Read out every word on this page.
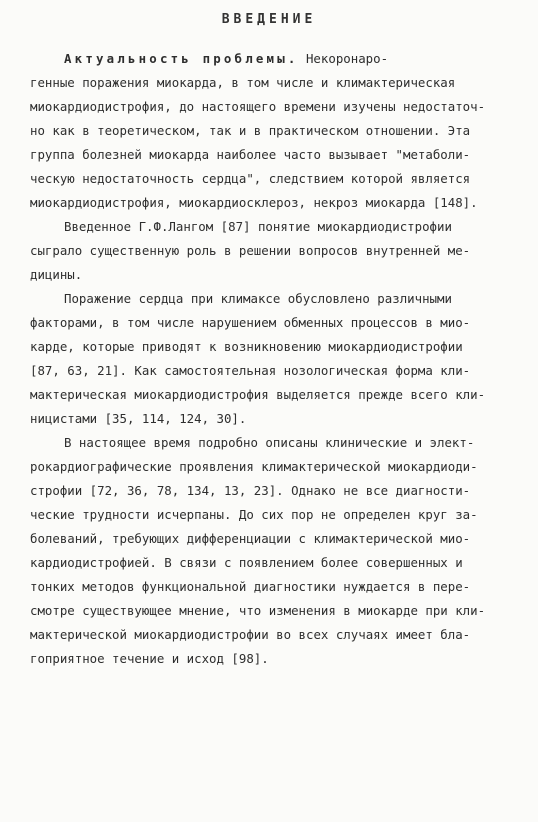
ВВЕДЕНИЕ
Актуальность проблемы. Некоронаро-
генные поражения миокарда, в том числе и климактерическая
миокардиодистрофия, до настоящего времени изучены недостаточ-
но как в теоретическом, так и в практическом отношении. Эта
группа болезней миокарда наиболее часто вызывает "метаболи-
ческую недостаточность сердца", следствием которой является
миокардиодистрофия, миокардиосклероз, некроз миокарда [148].
Введенное Г.Ф.Лангом [87] понятие миокардиодистрофии
сыграло существенную роль в решении вопросов внутренней ме-
дицины.
Поражение сердца при климаксе обусловлено различными
факторами, в том числе нарушением обменных процессов в мио-
карде, которые приводят к возникновению миокардиодистрофии
[87, 63, 21]. Как самостоятельная нозологическая форма кли-
мактерическая миокардиодистрофия выделяется прежде всего кли-
ницистами [35, 114, 124, 30].
В настоящее время подробно описаны клинические и элект-
рокардиографические проявления климактерической миокардиоди-
строфии [72, 36, 78, 134, 13, 23]. Однако не все диагности-
ческие трудности исчерпаны. До сих пор не определен круг за-
болеваний, требующих дифференциации с климактерической мио-
кардиодистрофией. В связи с появлением более совершенных и
тонких методов функциональной диагностики нуждается в пере-
смотре существующее мнение, что изменения в миокарде при кли-
мактерической миокардиодистрофии во всех случаях имеет бла-
гоприятное течение и исход [98].
